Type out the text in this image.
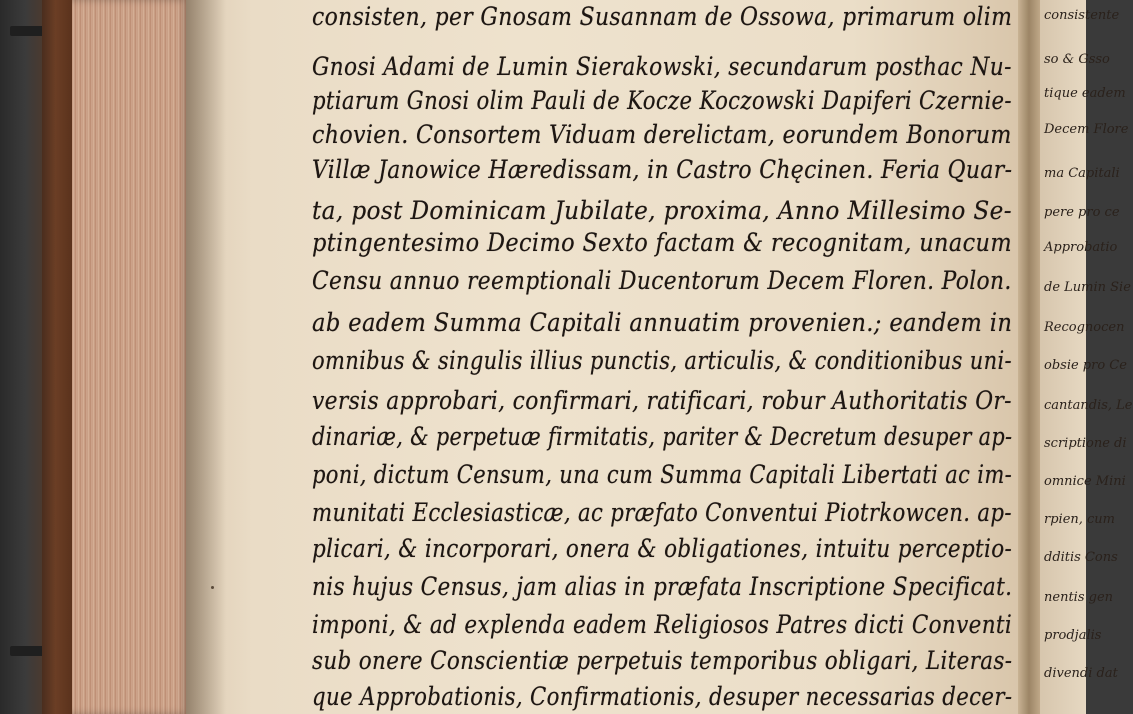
consisten, per Gnosam Susannam de Ossowa, primarum olim
Gnosi Adami de Lumin Sierakowski, secundarum posthac Nu-
ptiarum Gnosi olim Pauli de Kocze Koczowski Dapiferi Czernie-
chovien. Consortem Viduam derelictam, eorundem Bonorum
Villæ Janowice Hæredissam, in Castro Chęcinen. Feria Quar-
ta, post Dominicam Jubilate, proxima, Anno Millesimo Se-
ptingentesimo Decimo Sexto factam & recognitam, unacum
Censu annuo reemptionali Ducentorum Decem Floren. Polon.
ab eadem Summa Capitali annuatim provenien.; eandem in
omnibus & singulis illius punctis, articulis, & conditionibus uni-
versis approbari, confirmari, ratificari, robur Authoritatis Or-
dinariæ, & perpetuæ firmitatis, pariter & Decretum desuper ap-
poni, dictum Censum, una cum Summa Capitali Libertati ac im-
munitati Ecclesiasticæ, ac præfato Conventui Piotrkowcen. ap-
plicari, & incorporari, onera & obligationes, intuitu perceptio-
nis hujus Census, jam alias in præfata Inscriptione Specificat.
imponi, & ad explenda eadem Religiosos Patres dicti Conventi
sub onere Conscientiæ perpetuis temporibus obligari, Literas-
que Approbationis, Confirmationis, desuper necessarias decer-
consistente
so & Gsso
tique eadem
Decem Flore
ma Capitali
pere pro ce
Approbatio
de Lumin Sie
Recognocen
obsie pro Ce
cantandis, Le
scriptione di
omnice Mini
rpien, cum
dditis Cons
nentis gen
prodjalis
divendi dat
